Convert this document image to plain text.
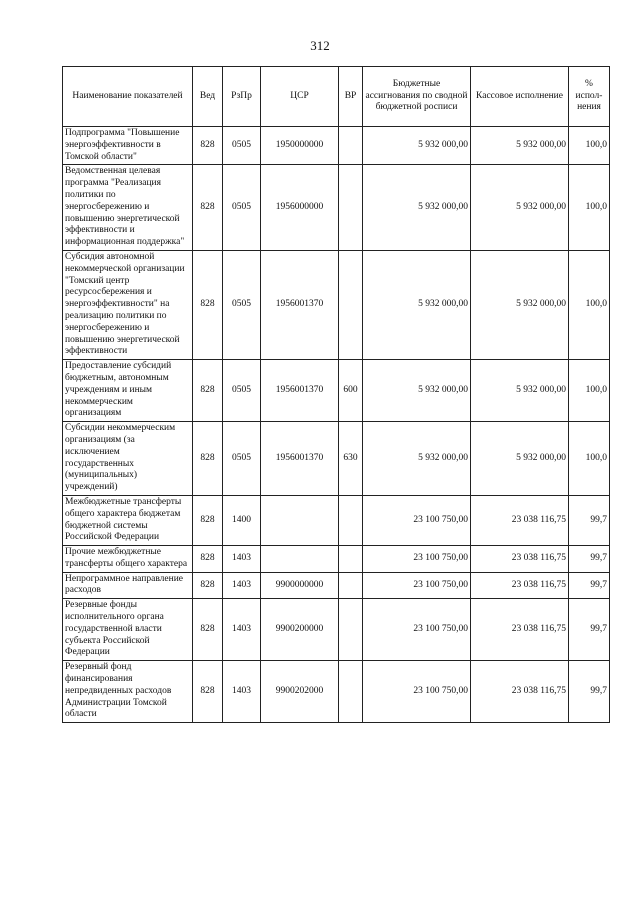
312
Наименование показателей	Вед	РзПр	ЦСР	ВР	Бюджетные ассигнования по сводной бюджетной росписи	Кассовое исполнение	% испол-нения
Подпрограмма "Повышение энергоэффективности в Томской области"	828	0505	1950000000		5 932 000,00	5 932 000,00	100,0
Ведомственная целевая программа "Реализация политики по энергосбережению и повышению энергетической эффективности и информационная поддержка"	828	0505	1956000000		5 932 000,00	5 932 000,00	100,0
Субсидия автономной некоммерческой организации "Томский центр ресурсосбережения и энергоэффективности" на реализацию политики по энергосбережению и повышению энергетической эффективности	828	0505	1956001370		5 932 000,00	5 932 000,00	100,0
Предоставление субсидий бюджетным, автономным учреждениям и иным некоммерческим организациям	828	0505	1956001370	600	5 932 000,00	5 932 000,00	100,0
Субсидии некоммерческим организациям (за исключением государственных (муниципальных) учреждений)	828	0505	1956001370	630	5 932 000,00	5 932 000,00	100,0
Межбюджетные трансферты общего характера бюджетам бюджетной системы Российской Федерации	828	1400			23 100 750,00	23 038 116,75	99,7
Прочие межбюджетные трансферты общего характера	828	1403			23 100 750,00	23 038 116,75	99,7
Непрограммное направление расходов	828	1403	9900000000		23 100 750,00	23 038 116,75	99,7
Резервные фонды исполнительного органа государственной власти субъекта Российской Федерации	828	1403	9900200000		23 100 750,00	23 038 116,75	99,7
Резервный фонд финансирования непредвиденных расходов Администрации Томской области	828	1403	9900202000		23 100 750,00	23 038 116,75	99,7
